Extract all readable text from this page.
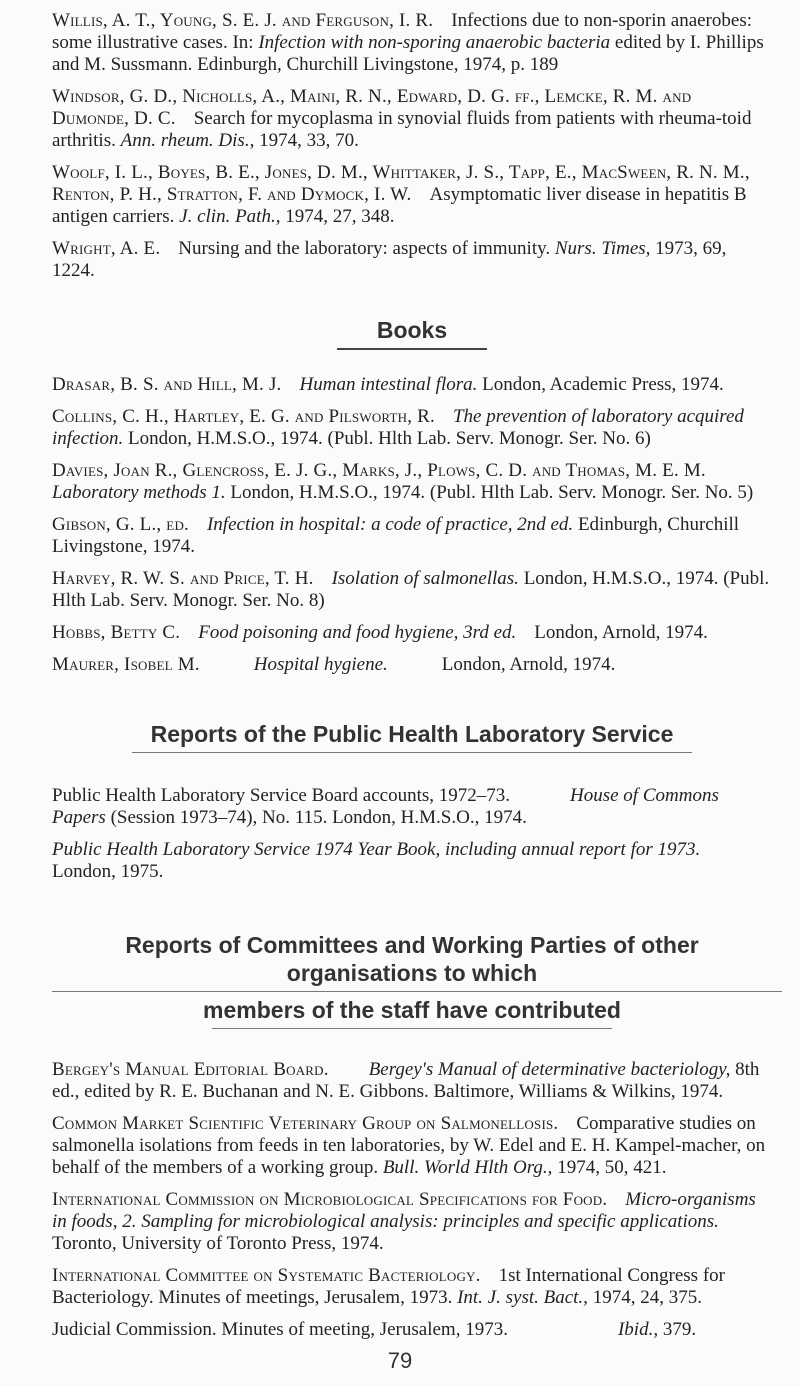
Willis, A. T., Young, S. E. J. and Ferguson, I. R. Infections due to non-sporin anaerobes: some illustrative cases. In: Infection with non-sporing anaerobic bacteria edited by I. Phillips and M. Sussmann. Edinburgh, Churchill Livingstone, 1974, p. 189

Windsor, G. D., Nicholls, A., Maini, R. N., Edward, D. G. ff., Lemcke, R. M. and Dumonde, D. C. Search for mycoplasma in synovial fluids from patients with rheuma-toid arthritis. Ann. rheum. Dis., 1974, 33, 70.

Woolf, I. L., Boyes, B. E., Jones, D. M., Whittaker, J. S., Tapp, E., MacSween, R. N. M., Renton, P. H., Stratton, F. and Dymock, I. W. Asymptomatic liver disease in hepatitis B antigen carriers. J. clin. Path., 1974, 27, 348.

Wright, A. E. Nursing and the laboratory: aspects of immunity. Nurs. Times, 1973, 69, 1224.

Books

Drasar, B. S. and Hill, M. J. Human intestinal flora. London, Academic Press, 1974.

Collins, C. H., Hartley, E. G. and Pilsworth, R. The prevention of laboratory acquired infection. London, H.M.S.O., 1974. (Publ. Hlth Lab. Serv. Monogr. Ser. No. 6)

Davies, Joan R., Glencross, E. J. G., Marks, J., Plows, C. D. and Thomas, M. E. M. Laboratory methods 1. London, H.M.S.O., 1974. (Publ. Hlth Lab. Serv. Monogr. Ser. No. 5)

Gibson, G. L., ed. Infection in hospital: a code of practice, 2nd ed. Edinburgh, Churchill Livingstone, 1974.

Harvey, R. W. S. and Price, T. H. Isolation of salmonellas. London, H.M.S.O., 1974. (Publ. Hlth Lab. Serv. Monogr. Ser. No. 8)

Hobbs, Betty C. Food poisoning and food hygiene, 3rd ed. London, Arnold, 1974.

Maurer, Isobel M.	Hospital hygiene.	London, Arnold, 1974.

Reports of the Public Health Laboratory Service

Public Health Laboratory Service Board accounts, 1972–73.	House of Commons Papers (Session 1973–74), No. 115. London, H.M.S.O., 1974.

Public Health Laboratory Service 1974 Year Book, including annual report for 1973.London, 1975.

Reports of Committees and Working Parties of other organisations to which
members of the staff have contributed

Bergey's Manual Editorial Board. Bergey's Manual of determinative bacteriology, 8th ed., edited by R. E. Buchanan and N. E. Gibbons. Baltimore, Williams & Wilkins, 1974.

Common Market Scientific Veterinary Group on Salmonellosis. Comparative studies on salmonella isolations from feeds in ten laboratories, by W. Edel and E. H. Kampel-macher, on behalf of the members of a working group. Bull. World Hlth Org., 1974, 50, 421.

International Commission on Microbiological Specifications for Food. Micro-organisms in foods, 2. Sampling for microbiological analysis: principles and specific applications. Toronto, University of Toronto Press, 1974.

International Committee on Systematic Bacteriology. 1st International Congress for Bacteriology. Minutes of meetings, Jerusalem, 1973. Int. J. syst. Bact., 1974, 24, 375.

Judicial Commission. Minutes of meeting, Jerusalem, 1973.	Ibid., 379.

79
